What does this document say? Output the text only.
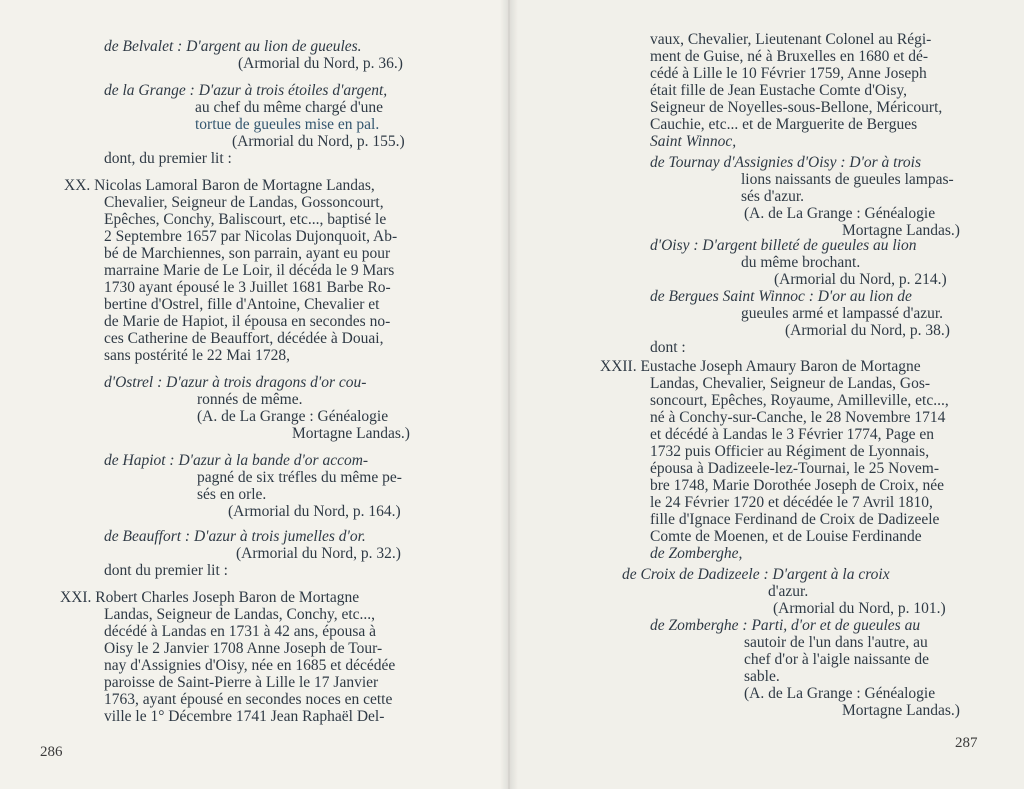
de Belvalet : D'argent au lion de gueules.
(Armorial du Nord, p. 36.)
de la Grange : D'azur à trois étoiles d'argent,
au chef du même chargé d'une
tortue de gueules mise en pal.
(Armorial du Nord, p. 155.)
dont, du premier lit :
XX. Nicolas Lamoral Baron de Mortagne Landas,
Chevalier, Seigneur de Landas, Gossoncourt,
Epêches, Conchy, Baliscourt, etc..., baptisé le
2 Septembre 1657 par Nicolas Dujonquoit, Ab-
bé de Marchiennes, son parrain, ayant eu pour
marraine Marie de Le Loir, il décéda le 9 Mars
1730 ayant épousé le 3 Juillet 1681 Barbe Ro-
bertine d'Ostrel, fille d'Antoine, Chevalier et
de Marie de Hapiot, il épousa en secondes no-
ces Catherine de Beauffort, décédée à Douai,
sans postérité le 22 Mai 1728,
d'Ostrel : D'azur à trois dragons d'or cou-
ronnés de même.
(A. de La Grange : Généalogie
Mortagne Landas.)
de Hapiot : D'azur à la bande d'or accom-
pagné de six tréfles du même pe-
sés en orle.
(Armorial du Nord, p. 164.)
de Beauffort : D'azur à trois jumelles d'or.
(Armorial du Nord, p. 32.)
dont du premier lit :
XXI. Robert Charles Joseph Baron de Mortagne
Landas, Seigneur de Landas, Conchy, etc...,
décédé à Landas en 1731 à 42 ans, épousa à
Oisy le 2 Janvier 1708 Anne Joseph de Tour-
nay d'Assignies d'Oisy, née en 1685 et décédée
paroisse de Saint-Pierre à Lille le 17 Janvier
1763, ayant épousé en secondes noces en cette
ville le 1° Décembre 1741 Jean Raphaël Del-
286
vaux, Chevalier, Lieutenant Colonel au Régi-
ment de Guise, né à Bruxelles en 1680 et dé-
cédé à Lille le 10 Février 1759, Anne Joseph
était fille de Jean Eustache Comte d'Oisy,
Seigneur de Noyelles-sous-Bellone, Méricourt,
Cauchie, etc... et de Marguerite de Bergues
Saint Winnoc,
de Tournay d'Assignies d'Oisy : D'or à trois
lions naissants de gueules lampas-
sés d'azur.
(A. de La Grange : Généalogie
Mortagne Landas.)
d'Oisy : D'argent billeté de gueules au lion
du même brochant.
(Armorial du Nord, p. 214.)
de Bergues Saint Winnoc : D'or au lion de
gueules armé et lampassé d'azur.
(Armorial du Nord, p. 38.)
dont :
XXII. Eustache Joseph Amaury Baron de Mortagne
Landas, Chevalier, Seigneur de Landas, Gos-
soncourt, Epêches, Royaume, Amilleville, etc...,
né à Conchy-sur-Canche, le 28 Novembre 1714
et décédé à Landas le 3 Février 1774, Page en
1732 puis Officier au Régiment de Lyonnais,
épousa à Dadizeele-lez-Tournai, le 25 Novem-
bre 1748, Marie Dorothée Joseph de Croix, née
le 24 Février 1720 et décédée le 7 Avril 1810,
fille d'Ignace Ferdinand de Croix de Dadizeele
Comte de Moenen, et de Louise Ferdinande
de Zomberghe,
de Croix de Dadizeele : D'argent à la croix
d'azur.
(Armorial du Nord, p. 101.)
de Zomberghe : Parti, d'or et de gueules au
sautoir de l'un dans l'autre, au
chef d'or à l'aigle naissante de
sable.
(A. de La Grange : Généalogie
Mortagne Landas.)
287
